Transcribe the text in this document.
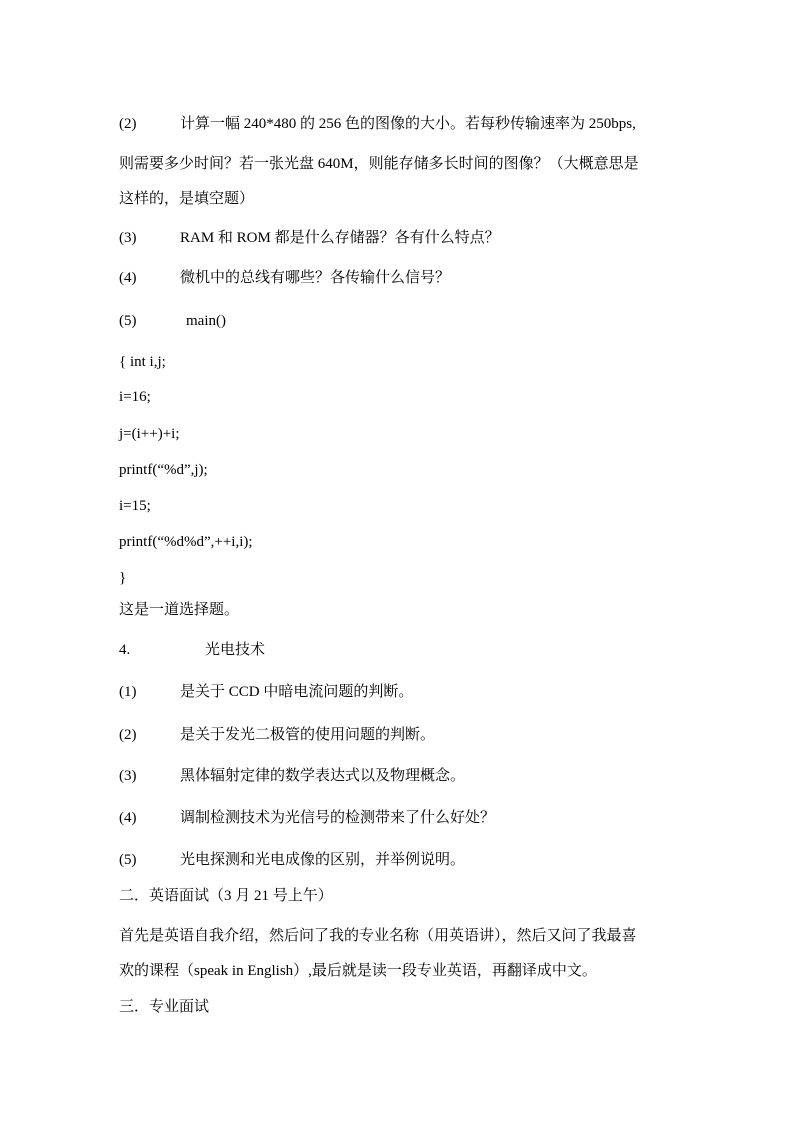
(2)	计算一幅 240*480 的 256 色的图像的大小。若每秒传输速率为 250bps,
则需要多少时间？若一张光盘 640M，则能存储多长时间的图像？（大概意思是
这样的，是填空题）
(3)	RAM 和 ROM 都是什么存储器？各有什么特点？
(4)	微机中的总线有哪些？各传输什么信号？
(5)	main()
{ int i,j;
i=16;
j=(i++)+i;
printf(“%d”,j);
i=15;
printf(“%d%d”,++i,i);
}
这是一道选择题。
4.	光电技术
(1)	是关于 CCD 中暗电流问题的判断。
(2)	是关于发光二极管的使用问题的判断。
(3)	黑体辐射定律的数学表达式以及物理概念。
(4)	调制检测技术为光信号的检测带来了什么好处？
(5)	光电探测和光电成像的区别，并举例说明。
二．英语面试（3 月 21 号上午）
首先是英语自我介绍，然后问了我的专业名称（用英语讲），然后又问了我最喜
欢的课程（speak in English）,最后就是读一段专业英语，再翻译成中文。
三．专业面试
